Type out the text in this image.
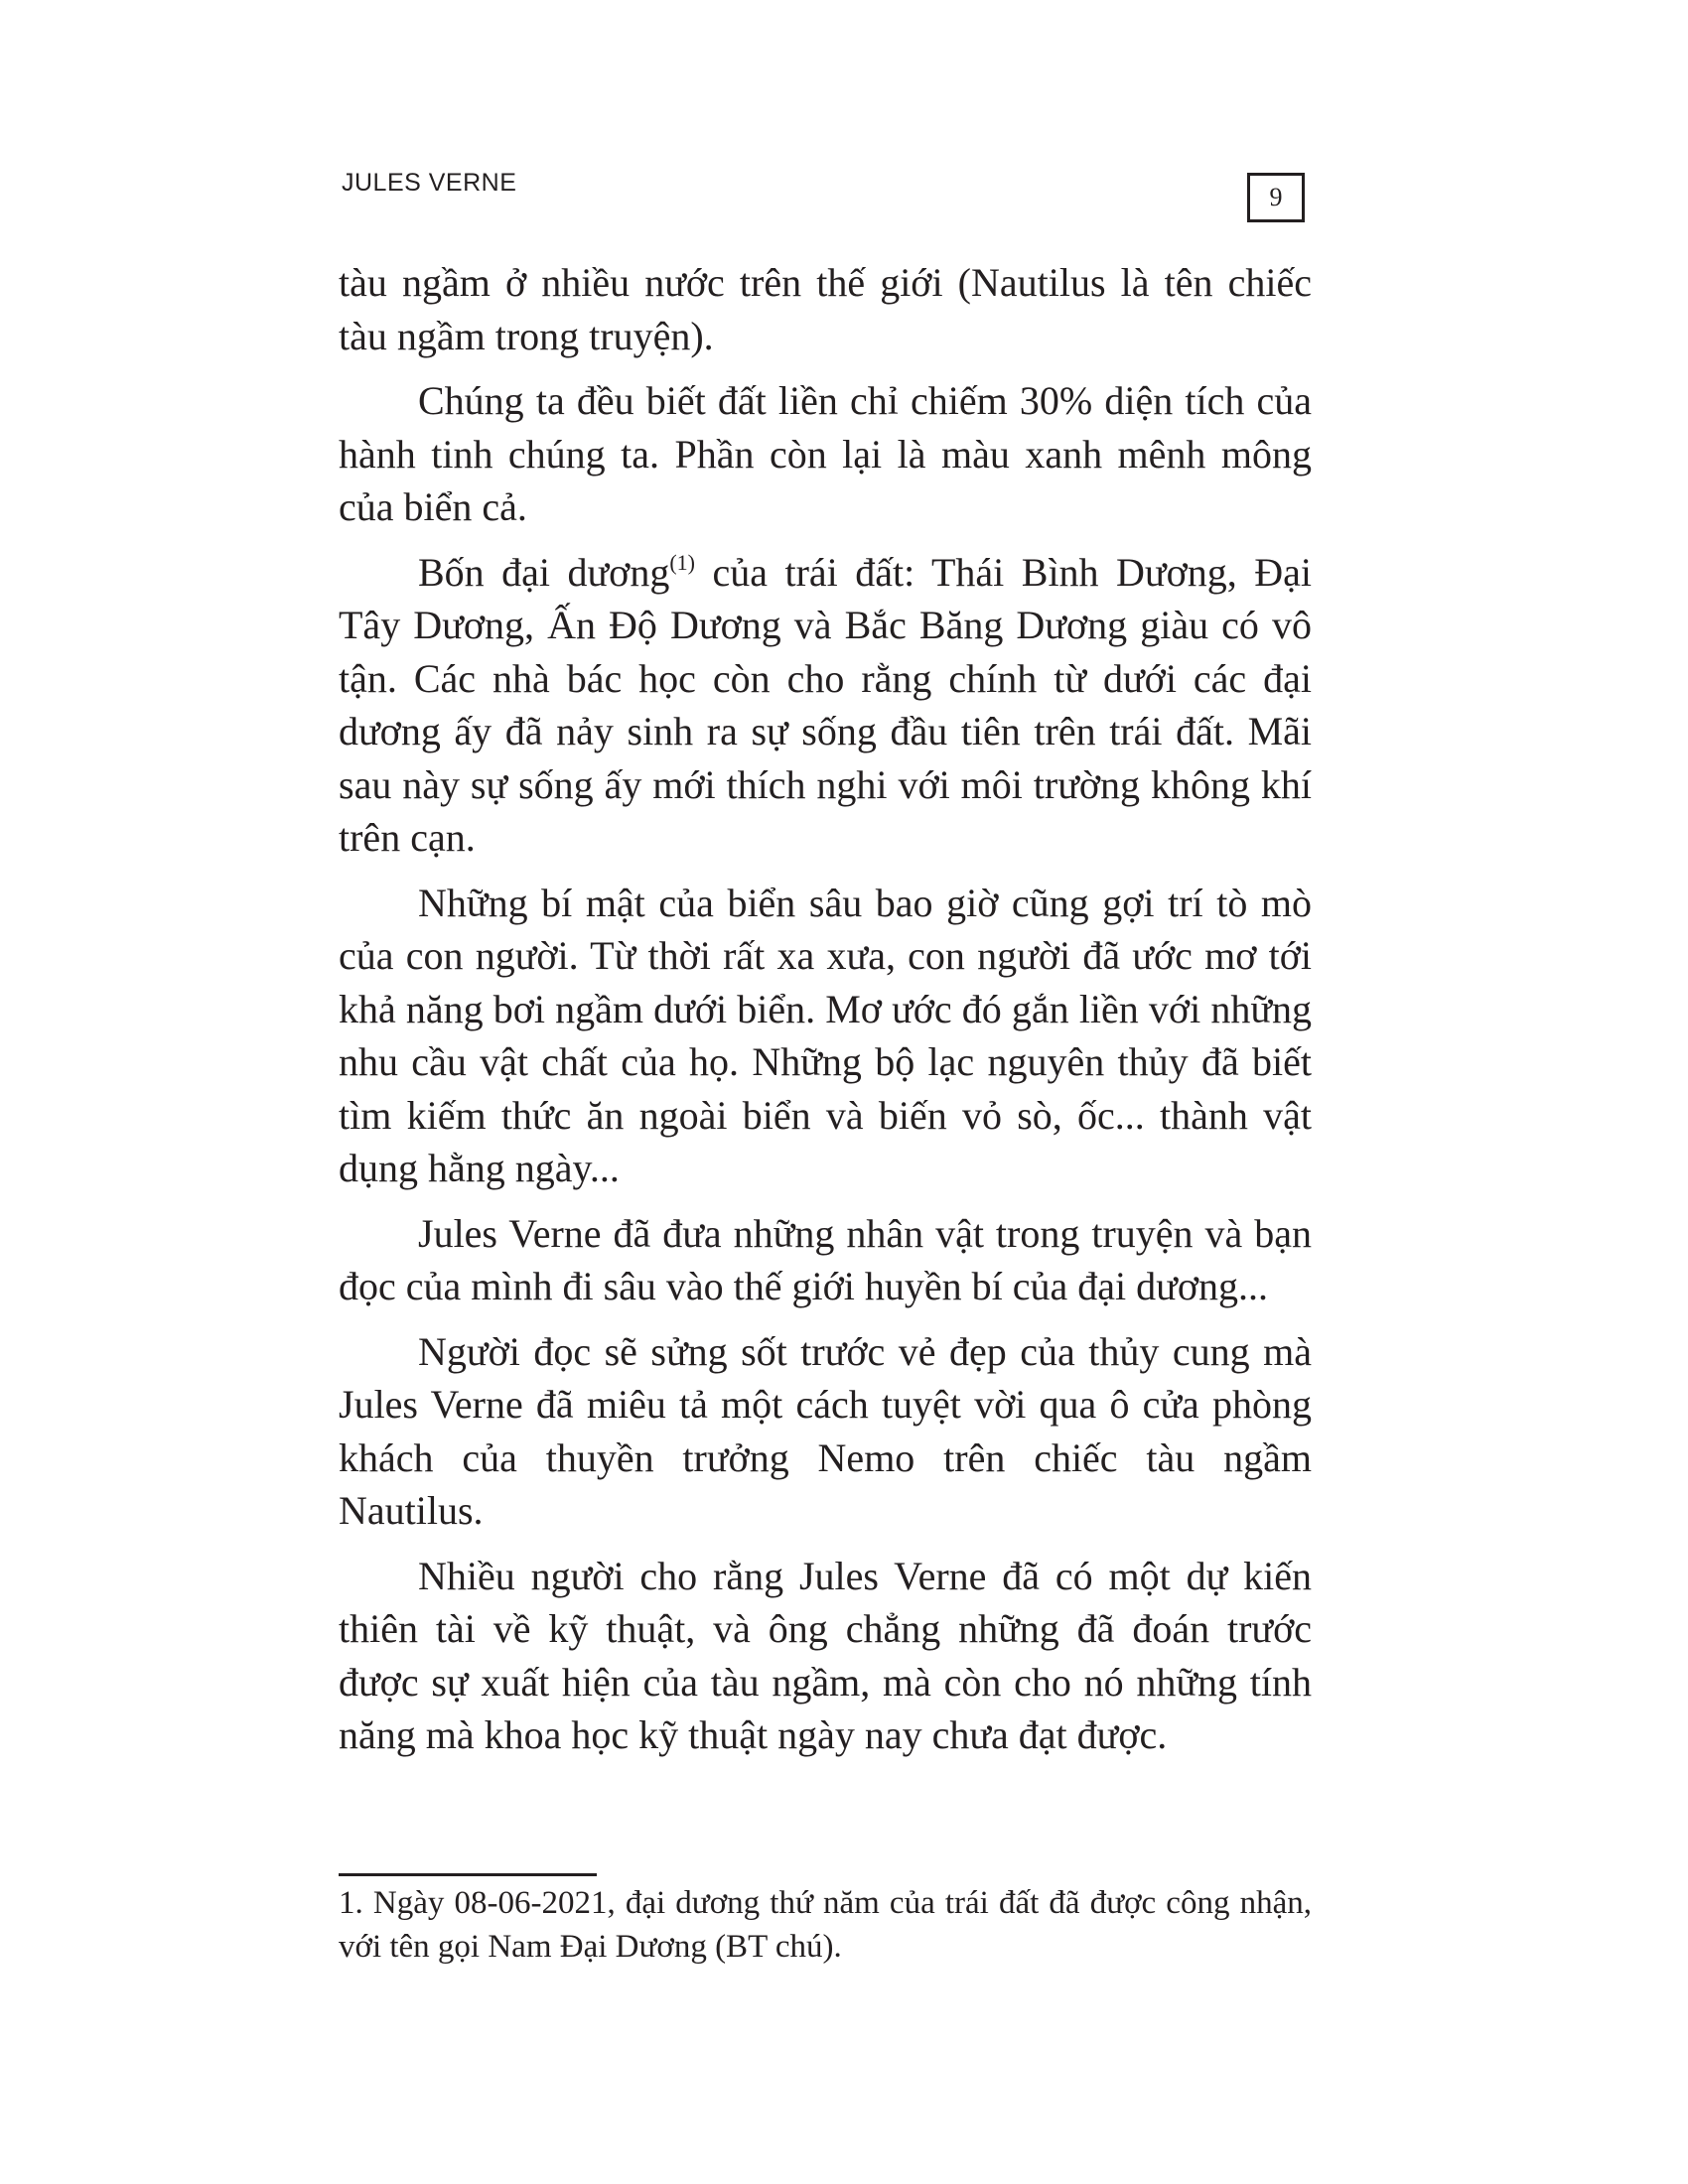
JULES VERNE	9

tàu ngầm ở nhiều nước trên thế giới (Nautilus là tên chiếc tàu ngầm trong truyện).

Chúng ta đều biết đất liền chỉ chiếm 30% diện tích của hành tinh chúng ta. Phần còn lại là màu xanh mênh mông của biển cả.

Bốn đại dương$^{(1)}$ của trái đất: Thái Bình Dương, Đại Tây Dương, Ấn Độ Dương và Bắc Băng Dương giàu có vô tận. Các nhà bác học còn cho rằng chính từ dưới các đại dương ấy đã nảy sinh ra sự sống đầu tiên trên trái đất. Mãi sau này sự sống ấy mới thích nghi với môi trường không khí trên cạn.

Những bí mật của biển sâu bao giờ cũng gợi trí tò mò của con người. Từ thời rất xa xưa, con người đã ước mơ tới khả năng bơi ngầm dưới biển. Mơ ước đó gắn liền với những nhu cầu vật chất của họ. Những bộ lạc nguyên thủy đã biết tìm kiếm thức ăn ngoài biển và biến vỏ sò, ốc... thành vật dụng hằng ngày...

Jules Verne đã đưa những nhân vật trong truyện và bạn đọc của mình đi sâu vào thế giới huyền bí của đại dương...

Người đọc sẽ sửng sốt trước vẻ đẹp của thủy cung mà Jules Verne đã miêu tả một cách tuyệt vời qua ô cửa phòng khách của thuyền trưởng Nemo trên chiếc tàu ngầm Nautilus.

Nhiều người cho rằng Jules Verne đã có một dự kiến thiên tài về kỹ thuật, và ông chẳng những đã đoán trước được sự xuất hiện của tàu ngầm, mà còn cho nó những tính năng mà khoa học kỹ thuật ngày nay chưa đạt được.

1. Ngày 08-06-2021, đại dương thứ năm của trái đất đã được công nhận, với tên gọi Nam Đại Dương (BT chú).
